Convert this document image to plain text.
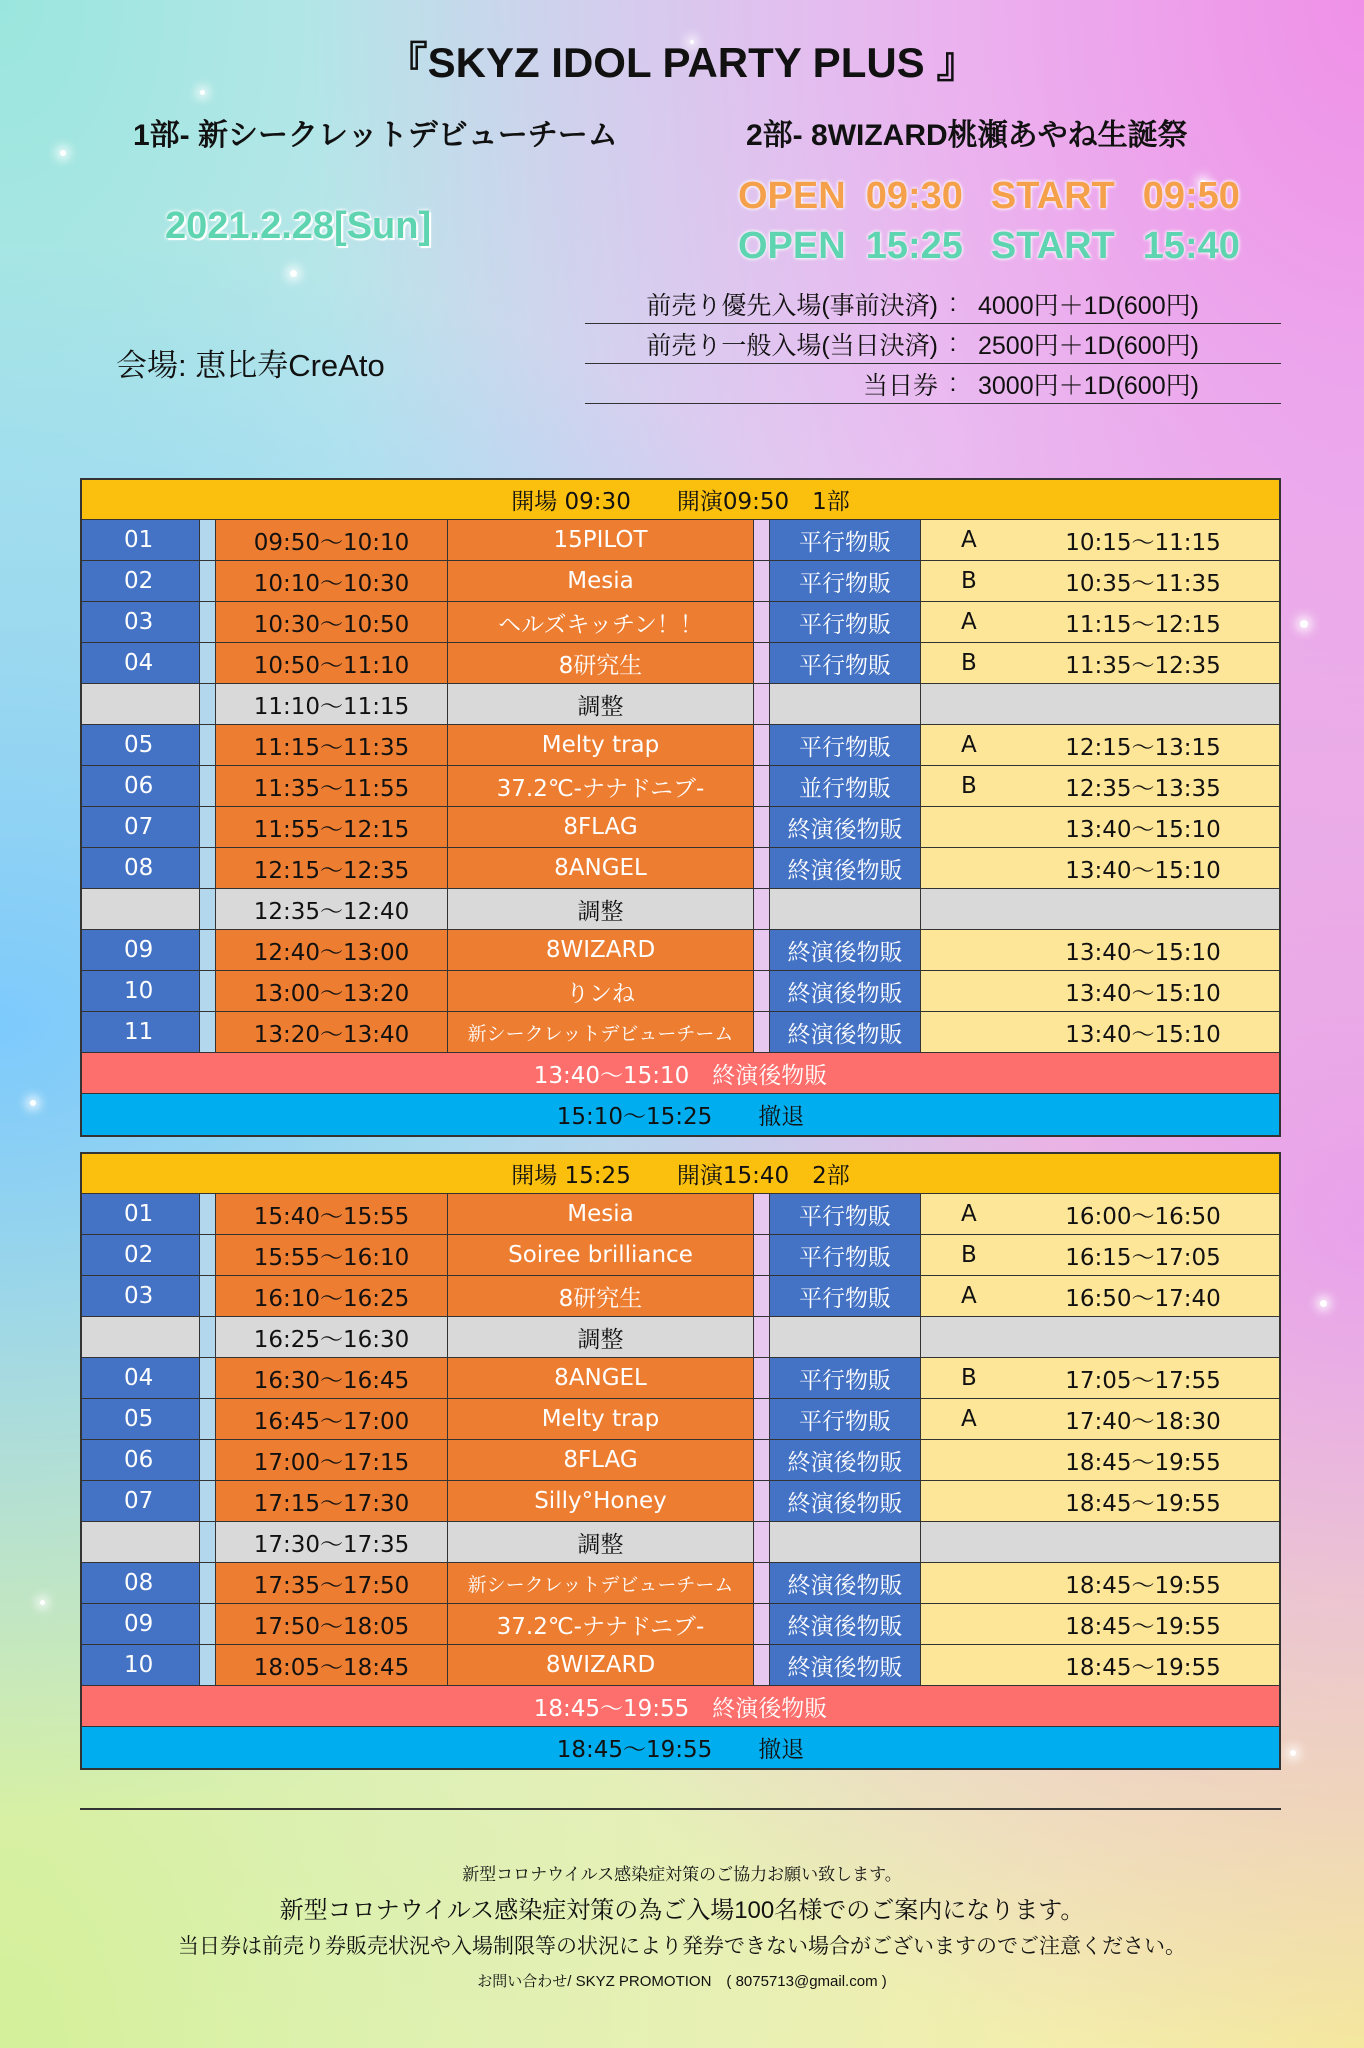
『SKYZ IDOL PARTY PLUS 』
1部- 新シークレットデビューチーム	2部- 8WIZARD桃瀬あやね生誕祭
2021.2.28[Sun]
OPEN 09:30 START 09:50
OPEN 15:25 START 15:40
会場: 恵比寿CreAto
前売り優先入場(事前決済) : 4000円＋1D(600円)
前売り一般入場(当日決済) : 2500円＋1D(600円)
当日券 : 3000円＋1D(600円)
開場 09:30　　開演09:50　1部
01	09:50〜10:10	15PILOT	平行物販	A	10:15〜11:15
02	10:10〜10:30	Mesia	平行物販	B	10:35〜11:35
03	10:30〜10:50	ヘルズキッチン！！	平行物販	A	11:15〜12:15
04	10:50〜11:10	8研究生	平行物販	B	11:35〜12:35
11:10〜11:15	調整
05	11:15〜11:35	Melty trap	平行物販	A	12:15〜13:15
06	11:35〜11:55	37.2℃-ナナドニブ-	並行物販	B	12:35〜13:35
07	11:55〜12:15	8FLAG	終演後物販	13:40〜15:10
08	12:15〜12:35	8ANGEL	終演後物販	13:40〜15:10
12:35〜12:40	調整
09	12:40〜13:00	8WIZARD	終演後物販	13:40〜15:10
10	13:00〜13:20	りンね	終演後物販	13:40〜15:10
11	13:20〜13:40	新シークレットデビューチーム	終演後物販	13:40〜15:10
13:40〜15:10　終演後物販
15:10〜15:25　　撤退
開場 15:25　　開演15:40　2部
01	15:40〜15:55	Mesia	平行物販	A	16:00〜16:50
02	15:55〜16:10	Soiree brilliance	平行物販	B	16:15〜17:05
03	16:10〜16:25	8研究生	平行物販	A	16:50〜17:40
16:25〜16:30	調整
04	16:30〜16:45	8ANGEL	平行物販	B	17:05〜17:55
05	16:45〜17:00	Melty trap	平行物販	A	17:40〜18:30
06	17:00〜17:15	8FLAG	終演後物販	18:45〜19:55
07	17:15〜17:30	Silly°Honey	終演後物販	18:45〜19:55
17:30〜17:35	調整
08	17:35〜17:50	新シークレットデビューチーム	終演後物販	18:45〜19:55
09	17:50〜18:05	37.2℃-ナナドニブ-	終演後物販	18:45〜19:55
10	18:05〜18:45	8WIZARD	終演後物販	18:45〜19:55
18:45〜19:55　終演後物販
18:45〜19:55　　撤退
新型コロナウイルス感染症対策のご協力お願い致します。
新型コロナウイルス感染症対策の為ご入場100名様でのご案内になります。
当日券は前売り券販売状況や入場制限等の状況により発券できない場合がございますのでご注意ください。
お問い合わせ/ SKYZ PROMOTION　( 8075713@gmail.com )
